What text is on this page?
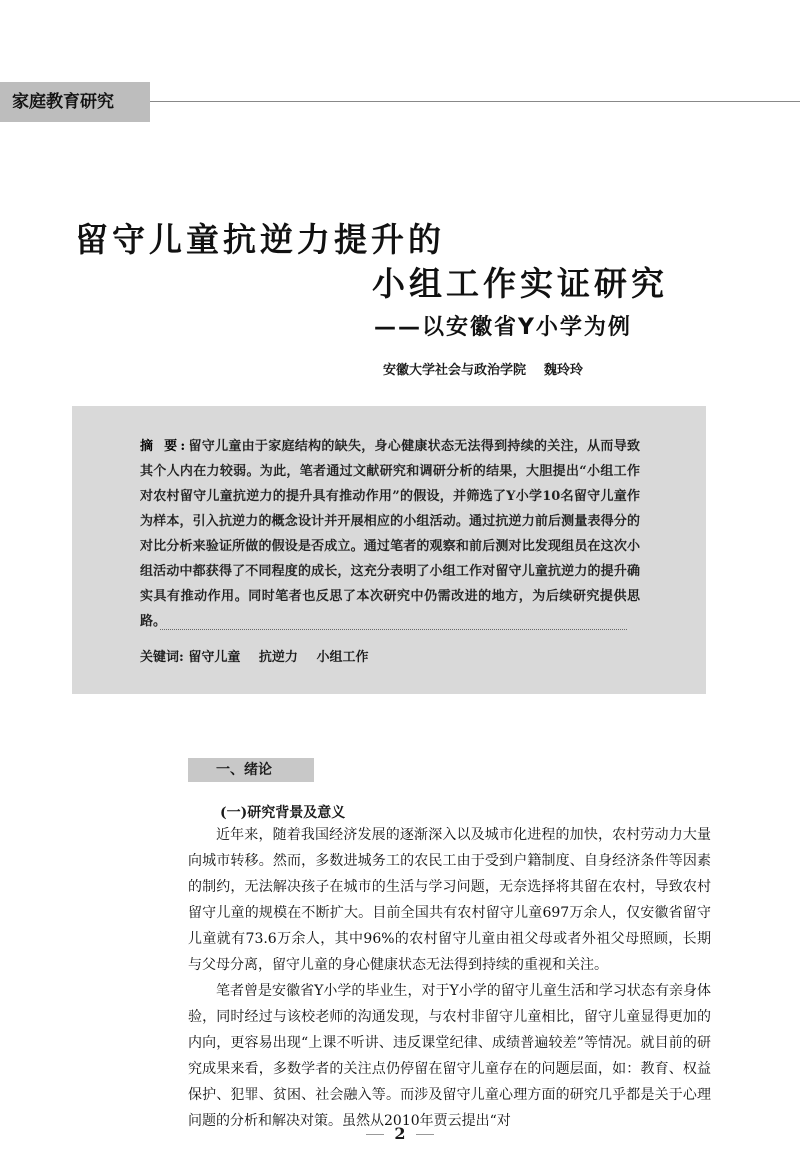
家庭教育研究
留守儿童抗逆力提升的
小组工作实证研究
——以安徽省Y小学为例
安徽大学社会与政治学院 魏玲玲
摘 要:留守儿童由于家庭结构的缺失，身心健康状态无法得到持续的关注，从而导致其个人内在力较弱。为此，笔者通过文献研究和调研分析的结果，大胆提出“小组工作对农村留守儿童抗逆力的提升具有推动作用”的假设，并筛选了Y小学10名留守儿童作为样本，引入抗逆力的概念设计并开展相应的小组活动。通过抗逆力前后测量表得分的对比分析来验证所做的假设是否成立。通过笔者的观察和前后测对比发现组员在这次小组活动中都获得了不同程度的成长，这充分表明了小组工作对留守儿童抗逆力的提升确实具有推动作用。同时笔者也反思了本次研究中仍需改进的地方，为后续研究提供思路。
关键词: 留守儿童 抗逆力 小组工作
一、绪论
(一)研究背景及意义

近年来，随着我国经济发展的逐渐深入以及城市化进程的加快，农村劳动力大量向城市转移。然而，多数进城务工的农民工由于受到户籍制度、自身经济条件等因素的制约，无法解决孩子在城市的生活与学习问题，无奈选择将其留在农村，导致农村留守儿童的规模在不断扩大。目前全国共有农村留守儿童697万余人，仅安徽省留守儿童就有73.6万余人，其中96%的农村留守儿童由祖父母或者外祖父母照顾，长期与父母分离，留守儿童的身心健康状态无法得到持续的重视和关注。

笔者曾是安徽省Y小学的毕业生，对于Y小学的留守儿童生活和学习状态有亲身体验，同时经过与该校老师的沟通发现，与农村非留守儿童相比，留守儿童显得更加的内向，更容易出现“上课不听讲、违反课堂纪律、成绩普遍较差”等情况。就目前的研究成果来看，多数学者的关注点仍停留在留守儿童存在的问题层面，如：教育、权益保护、犯罪、贫困、社会融入等。而涉及留守儿童心理方面的研究几乎都是关于心理问题的分析和解决对策。虽然从2010年贾云提出“对

2
